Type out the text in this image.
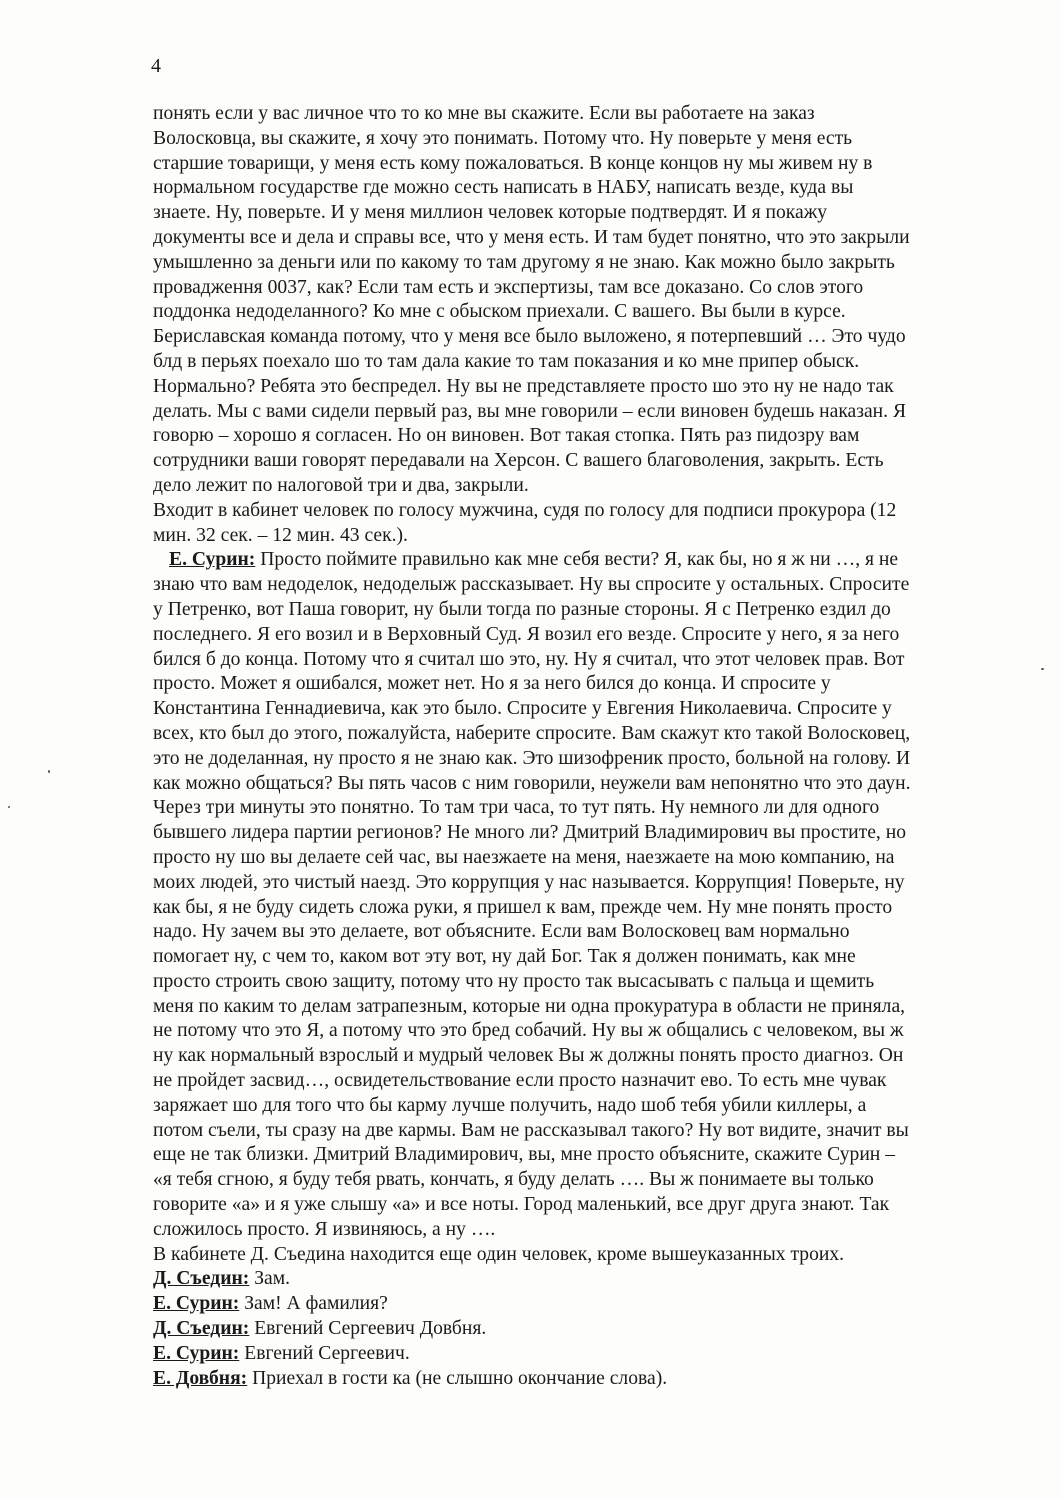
4
понять если у вас личное что то ко мне вы скажите. Если вы работаете на заказ
Волосковца, вы скажите, я хочу это понимать. Потому что. Ну поверьте у меня есть
старшие товарищи, у меня есть кому пожаловаться. В конце концов ну мы живем ну в
нормальном государстве где можно сесть написать в НАБУ, написать везде, куда вы
знаете. Ну, поверьте. И у меня миллион человек которые подтвердят. И я покажу
документы все и дела и справы все, что у меня есть. И там будет понятно, что это закрыли
умышленно за деньги или по какому то там другому я не знаю. Как можно было закрыть
провадження 0037, как? Если там есть и экспертизы, там все доказано. Со слов этого
поддонка недоделанного? Ко мне с обыском приехали. С вашего. Вы были в курсе.
Бериславская команда потому, что у меня все было выложено, я потерпевший … Это чудо
блд в перьях поехало шо то там дала какие то там показания и ко мне припер обыск.
Нормально? Ребята это беспредел. Ну вы не представляете просто шо это ну не надо так
делать. Мы с вами сидели первый раз, вы мне говорили – если виновен будешь наказан. Я
говорю – хорошо я согласен. Но он виновен. Вот такая стопка. Пять раз пидозру вам
сотрудники ваши говорят передавали на Херсон. С вашего благоволения, закрыть. Есть
дело лежит по налоговой три и два, закрыли.
Входит в кабинет человек по голосу мужчина, судя по голосу для подписи прокурора (12
мин. 32 сек. – 12 мин. 43 сек.).
Е. Сурин: Просто поймите правильно как мне себя вести? Я, как бы, но я ж ни …, я не
знаю что вам недоделок, недоделыж рассказывает. Ну вы спросите у остальных. Спросите
у Петренко, вот Паша говорит, ну были тогда по разные стороны. Я с Петренко ездил до
последнего. Я его возил и в Верховный Суд. Я возил его везде. Спросите у него, я за него
бился б до конца. Потому что я считал шо это, ну. Ну я считал, что этот человек прав. Вот
просто. Может я ошибался, может нет. Но я за него бился до конца. И спросите у
Константина Геннадиевича, как это было. Спросите у Евгения Николаевича. Спросите у
всех, кто был до этого, пожалуйста, наберите спросите. Вам скажут кто такой Волосковец,
это не доделанная, ну просто я не знаю как. Это шизофреник просто, больной на голову. И
как можно общаться? Вы пять часов с ним говорили, неужели вам непонятно что это даун.
Через три минуты это понятно. То там три часа, то тут пять. Ну немного ли для одного
бывшего лидера партии регионов? Не много ли? Дмитрий Владимирович вы простите, но
просто ну шо вы делаете сей час, вы наезжаете на меня, наезжаете на мою компанию, на
моих людей, это чистый наезд. Это коррупция у нас называется. Коррупция! Поверьте, ну
как бы, я не буду сидеть сложа руки, я пришел к вам, прежде чем. Ну мне понять просто
надо. Ну зачем вы это делаете, вот объясните. Если вам Волосковец вам нормально
помогает ну, с чем то, каком вот эту вот, ну дай Бог. Так я должен понимать, как мне
просто строить свою защиту, потому что ну просто так высасывать с пальца и щемить
меня по каким то делам затрапезным, которые ни одна прокуратура в области не приняла,
не потому что это Я, а потому что это бред собачий. Ну вы ж общались с человеком, вы ж
ну как нормальный взрослый и мудрый человек Вы ж должны понять просто диагноз. Он
не пройдет засвид…, освидетельствование если просто назначит ево. То есть мне чувак
заряжает шо для того что бы карму лучше получить, надо шоб тебя убили киллеры, а
потом съели, ты сразу на две кармы. Вам не рассказывал такого? Ну вот видите, значит вы
еще не так близки. Дмитрий Владимирович, вы, мне просто объясните, скажите Сурин –
«я тебя сгною, я буду тебя рвать, кончать, я буду делать …. Вы ж понимаете вы только
говорите «а» и я уже слышу «а» и все ноты. Город маленький, все друг друга знают. Так
сложилось просто. Я извиняюсь, а ну ….
В кабинете Д. Съедина находится еще один человек, кроме вышеуказанных троих.
Д. Съедин: Зам.
Е. Сурин: Зам! А фамилия?
Д. Съедин: Евгений Сергеевич Довбня.
Е. Сурин: Евгений Сергеевич.
Е. Довбня: Приехал в гости ка (не слышно окончание слова).
